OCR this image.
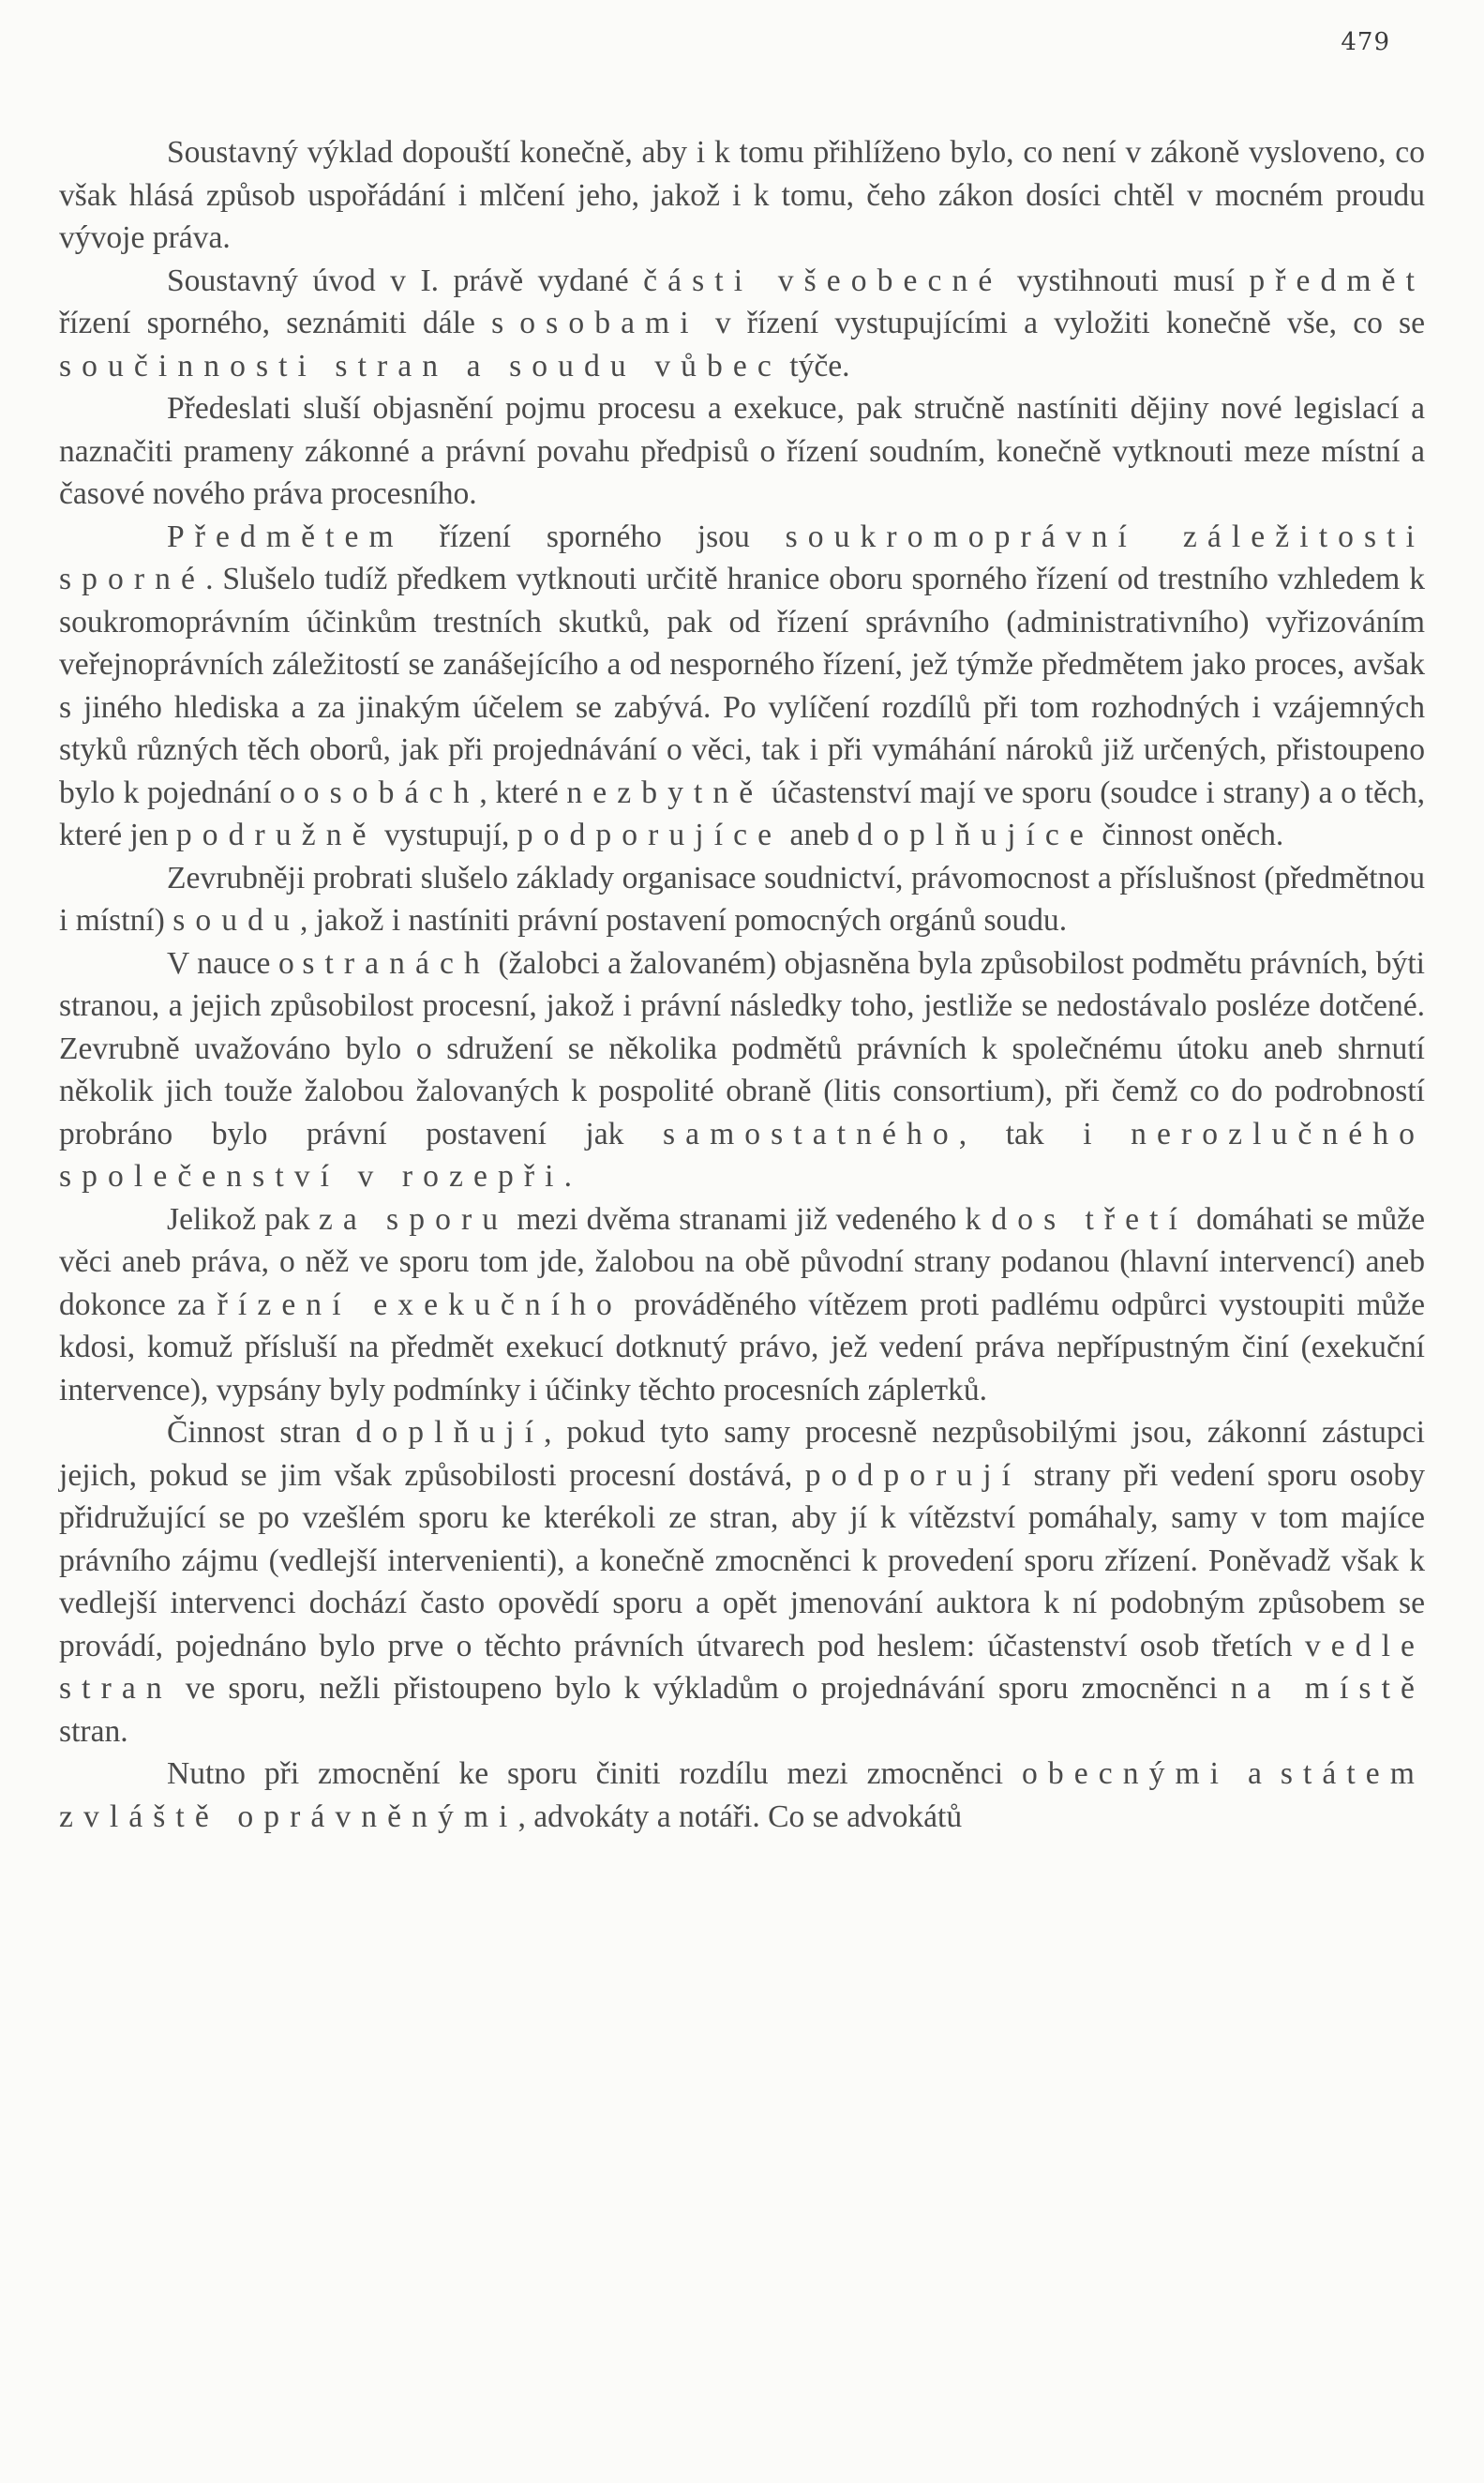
479

Soustavný výklad dopouští konečně, aby i k tomu přihlíženo bylo, co není v zákoně vysloveno, co však hlásá způsob uspořádání i mlčení jeho, jakož i k tomu, čeho zákon dosíci chtěl v mocném proudu vývoje práva.

Soustavný úvod v I. právě vydané části všeobecné vystihnouti musí předmět řízení sporného, seznámiti dále s osobami v řízení vystupujícími a vyložiti konečně vše, co se součinnosti stran a soudu vůbec týče.

Předeslati sluší objasnění pojmu procesu a exekuce, pak stručně nastíniti dějiny nové legislací a naznačiti prameny zákonné a právní povahu předpisů o řízení soudním, konečně vytknouti meze místní a časové nového práva procesního.

Předmětem řízení sporného jsou soukromoprávní záležitosti sporné. Slušelo tudíž předkem vytknouti určitě hranice oboru sporného řízení od trestního vzhledem k soukromoprávním účinkům trestních skutků, pak od řízení správního (administrativního) vyřizováním veřejnoprávních záležitostí se zanášejícího a od nesporného řízení, jež týmže předmětem jako proces, avšak s jiného hlediska a za jinakým účelem se zabývá. Po vylíčení rozdílů při tom rozhodných i vzájemných styků různých těch oborů, jak při projednávání o věci, tak i při vymáhání nároků již určených, přistoupeno bylo k pojednání o osobách, které nezbytně účastenství mají ve sporu (soudce i strany) a o těch, které jen podružně vystupují, podporujíce aneb doplňujíce činnost oněch.

Zevrubněji probrati slušelo základy organisace soudnictví, právomocnost a příslušnost (předmětnou i místní) soudu, jakož i nastíniti právní postavení pomocných orgánů soudu.

V nauce o stranách (žalobci a žalovaném) objasněna byla způsobilost podmětu právních, býti stranou, a jejich způsobilost procesní, jakož i právní následky toho, jestliže se nedostávalo posléze dotčené. Zevrubně uvažováno bylo o sdružení se několika podmětů právních k společnému útoku aneb shrnutí několik jich touže žalobou žalovaných k pospolité obraně (litis consortium), při čemž co do podrobností probráno bylo právní postavení jak samostatného, tak i nerozlučného společenství v rozepři.

Jelikož pak za sporu mezi dvěma stranami již vedeného kdos třetí domáhati se může věci aneb práva, o něž ve sporu tom jde, žalobou na obě původní strany podanou (hlavní intervencí) aneb dokonce za řízení exekučního prováděného vítězem proti padlému odpůrci vystoupiti může kdosi, komuž přísluší na předmět exekucí dotknutý právo, jež vedení práva nepřípustným činí (exekuční intervence), vypsány byly podmínky i účinky těchto procesních záplетků.

Činnost stran doplňují, pokud tyto samy procesně nezpůsobilými jsou, zákonní zástupci jejich, pokud se jim však způsobilosti procesní dostává, podporují strany při vedení sporu osoby přidružující se po vzešlém sporu ke kterékoli ze stran, aby jí k vítězství pomáhaly, samy v tom majíce právního zájmu (vedlejší intervenienti), a konečně zmocněnci k provedení sporu zřízení. Poněvadž však k vedlejší intervenci dochází často opovědí sporu a opět jmenování auktora k ní podobným způsobem se provádí, pojednáno bylo prve o těchto právních útvarech pod heslem: účastenství osob třetích vedle stran ve sporu, nežli přistoupeno bylo k výkladům o projednávání sporu zmocněnci na místě stran.

Nutno při zmocnění ke sporu činiti rozdílu mezi zmocněnci obecnými a státem zvláště oprávněnými, advokáty a notáři. Co se advokátů
